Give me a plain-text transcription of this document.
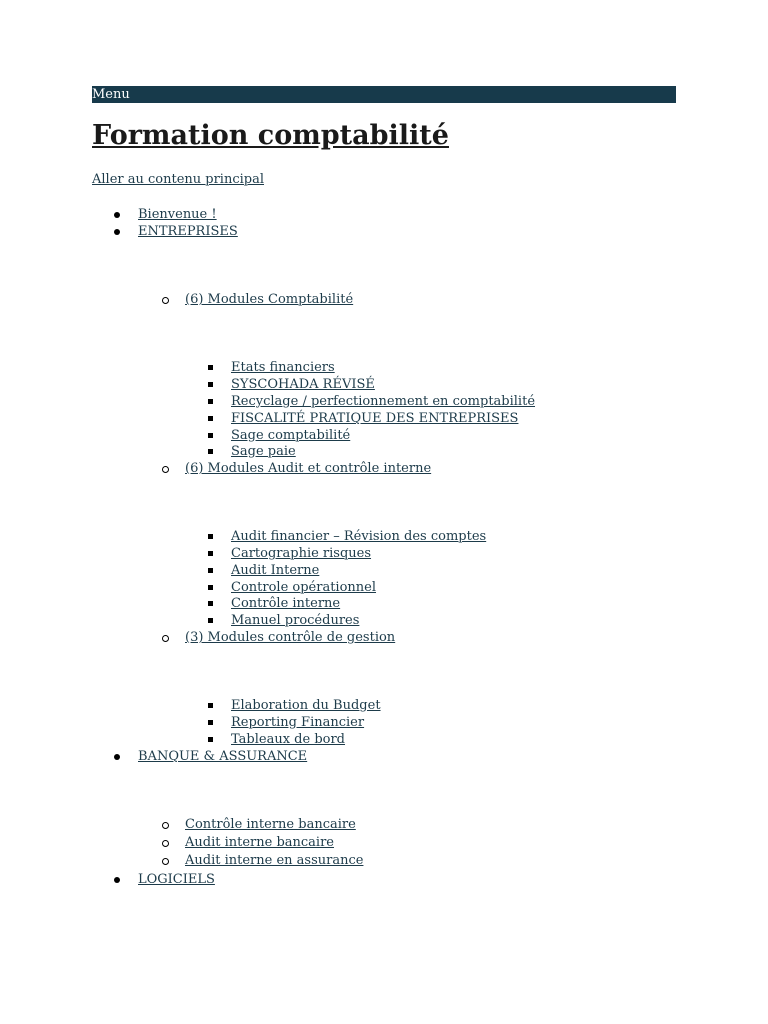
Menu
Formation comptabilité
Aller au contenu principal
Bienvenue !
ENTREPRISES
(6) Modules Comptabilité
Etats financiers
SYSCOHADA RÉVISÉ
Recyclage / perfectionnement en comptabilité
FISCALITÉ PRATIQUE DES ENTREPRISES
Sage comptabilité
Sage paie
(6) Modules Audit et contrôle interne
Audit financier – Révision des comptes
Cartographie risques
Audit Interne
Controle opérationnel
Contrôle interne
Manuel procédures
(3) Modules contrôle de gestion
Elaboration du Budget
Reporting Financier
Tableaux de bord
BANQUE & ASSURANCE
Contrôle interne bancaire
Audit interne bancaire
Audit interne en assurance
LOGICIELS
